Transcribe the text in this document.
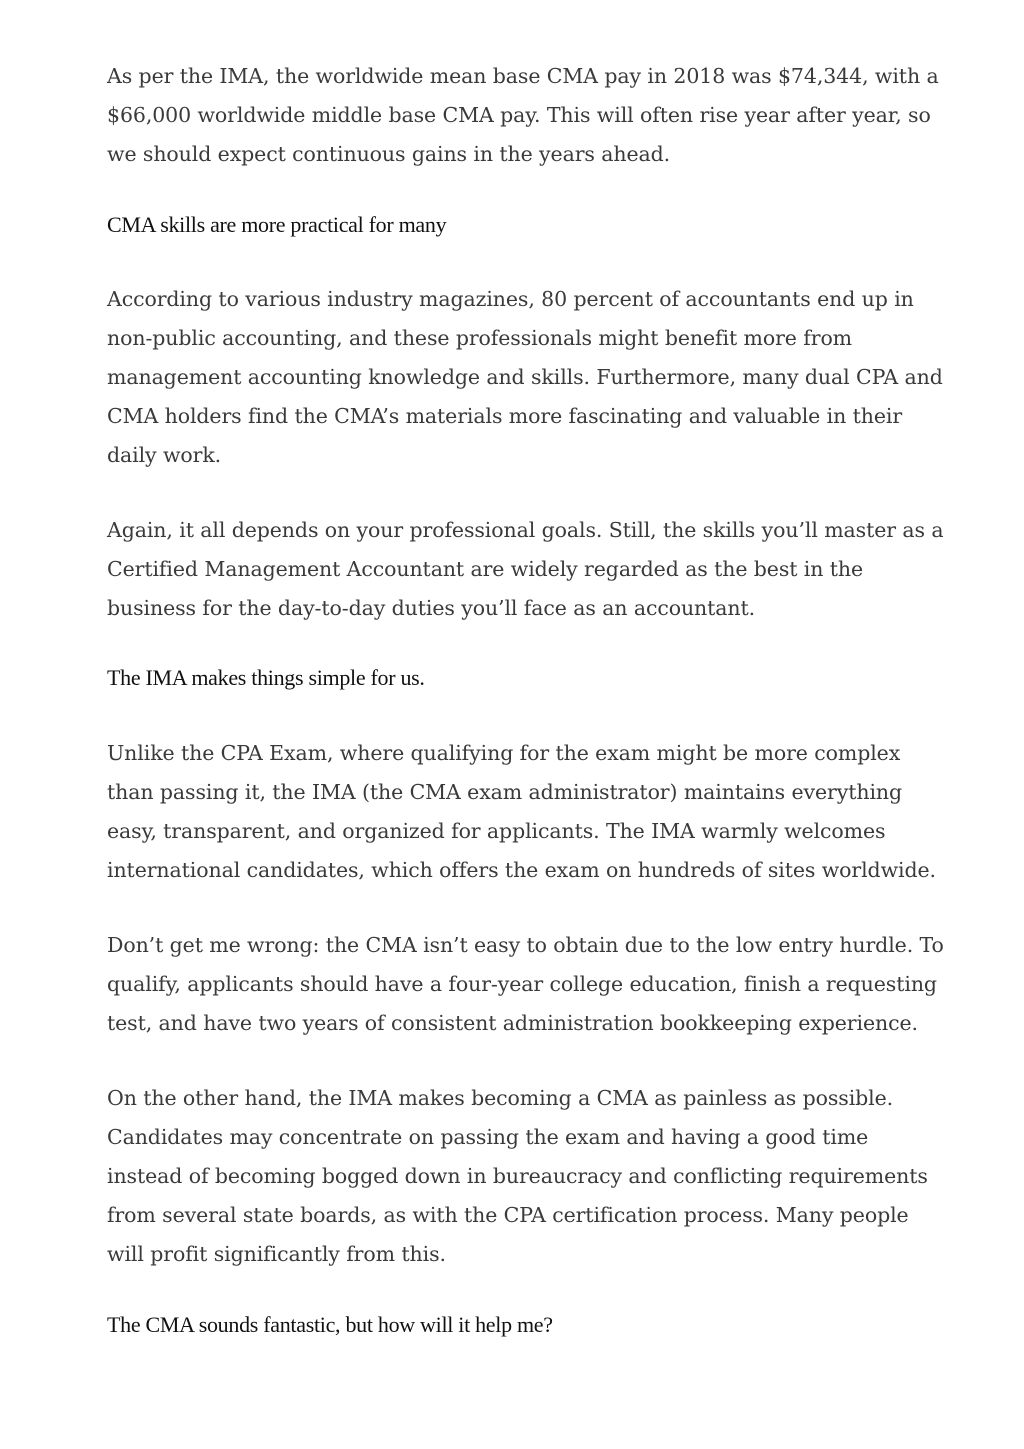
As per the IMA, the worldwide mean base CMA pay in 2018 was $74,344, with a $66,000 worldwide middle base CMA pay. This will often rise year after year, so we should expect continuous gains in the years ahead.

CMA skills are more practical for many

According to various industry magazines, 80 percent of accountants end up in non-public accounting, and these professionals might benefit more from management accounting knowledge and skills. Furthermore, many dual CPA and CMA holders find the CMA’s materials more fascinating and valuable in their daily work.

Again, it all depends on your professional goals. Still, the skills you’ll master as a Certified Management Accountant are widely regarded as the best in the business for the day-to-day duties you’ll face as an accountant.

The IMA makes things simple for us.

Unlike the CPA Exam, where qualifying for the exam might be more complex than passing it, the IMA (the CMA exam administrator) maintains everything easy, transparent, and organized for applicants. The IMA warmly welcomes international candidates, which offers the exam on hundreds of sites worldwide.

Don’t get me wrong: the CMA isn’t easy to obtain due to the low entry hurdle. To qualify, applicants should have a four-year college education, finish a requesting test, and have two years of consistent administration bookkeeping experience.

On the other hand, the IMA makes becoming a CMA as painless as possible. Candidates may concentrate on passing the exam and having a good time instead of becoming bogged down in bureaucracy and conflicting requirements from several state boards, as with the CPA certification process. Many people will profit significantly from this.

The CMA sounds fantastic, but how will it help me?
